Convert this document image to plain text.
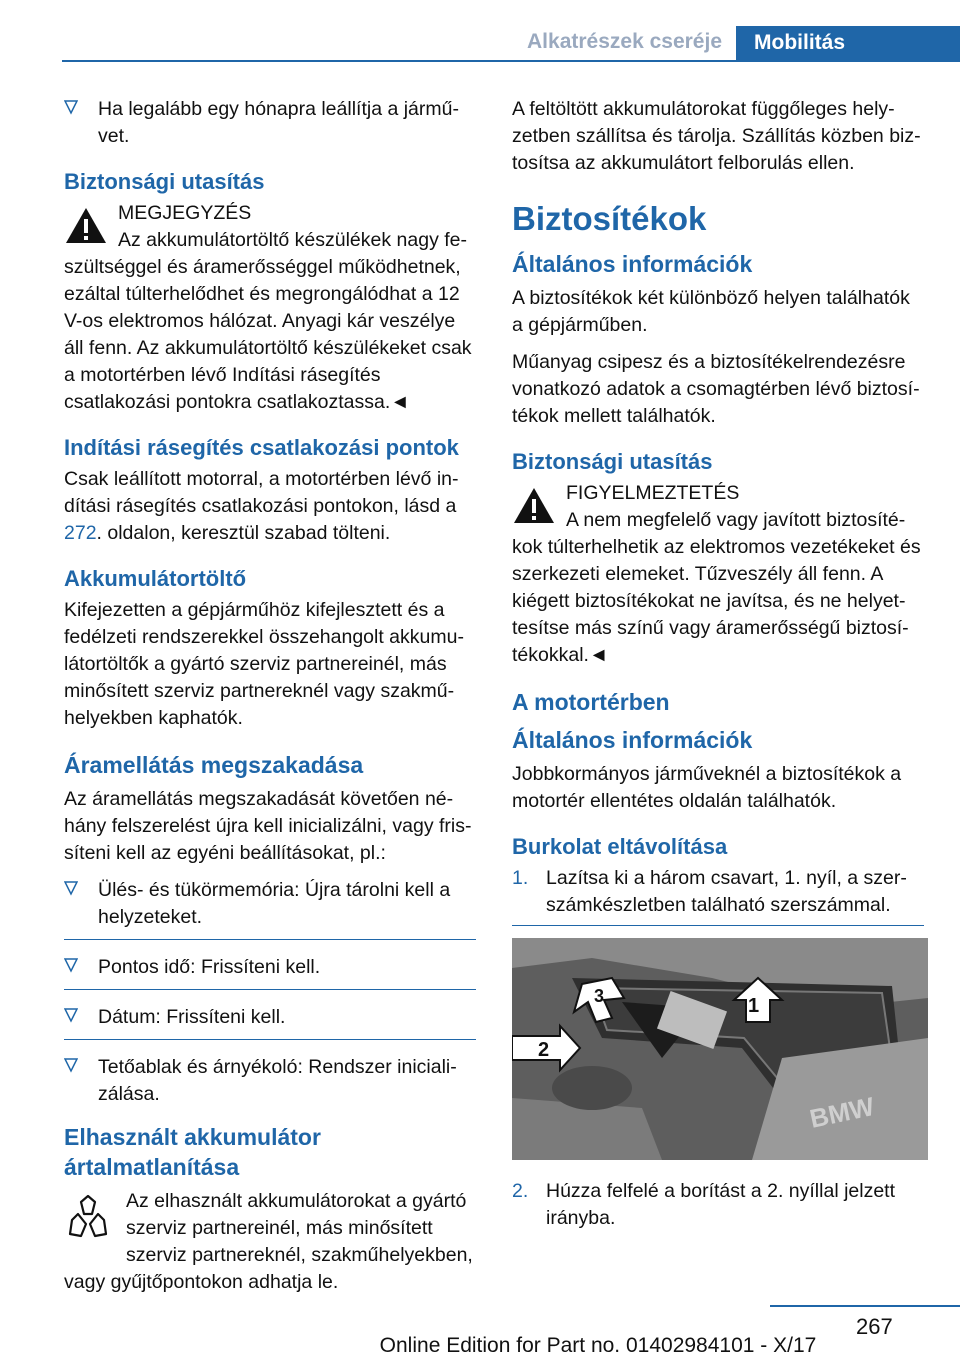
Alkatrészek cseréje	Mobilitás
Ha legalább egy hónapra leállítja a járművet.
Biztonsági utasítás
MEGJEGYZÉS
Az akkumulátortöltő készülékek nagy feszültséggel és áramerősséggel működhetnek, ezáltal túlterhelődhet és megrongálódhat a 12 V-os elektromos hálózat. Anyagi kár veszélye áll fenn. Az akkumulátortöltő készülékeket csak a motortérben lévő Indítási rásegítés csatlakozási pontokra csatlakoztassa.◄
Indítási rásegítés csatlakozási pontok

Csak leállított motorral, a motortérben lévő indítási rásegítés csatlakozási pontokon, lásd a 272. oldalon, keresztül szabad tölteni.

Akkumulátortöltő

Kifejezetten a gépjárműhöz kifejlesztett és a fedélzeti rendszerekkel összehangolt akkumulátortöltők a gyártó szerviz partnereinél, más minősített szerviz partnereknél vagy szakműhelyekben kaphatók.

Áramellátás megszakadása

Az áramellátás megszakadását követően néhány felszerelést újra kell inicializálni, vagy frissíteni kell az egyéni beállításokat, pl.:

Ülés- és tükörmemória: Újra tárolni kell a helyzeteket.
Pontos idő: Frissíteni kell.
Dátum: Frissíteni kell.
Tetőablak és árnyékoló: Rendszer inicializálása.
Elhasznált akkumulátor ártalmatlanítása
Az elhasznált akkumulátorokat a gyártó szerviz partnereinél, más minősített szerviz partnereknél, szakműhelyekben, vagy gyűjtőpontokon adhatja le.

A feltöltött akkumulátorokat függőleges helyzetben szállítsa és tárolja. Szállítás közben biztosítsa az akkumulátort felborulás ellen.

Biztosítékok
Általános információk

A biztosítékok két különböző helyen találhatók a gépjárműben.

Műanyag csipesz és a biztosítékelrendezésre vonatkozó adatok a csomagtérben lévő biztosítékok mellett találhatók.

Biztonsági utasítás
FIGYELMEZTETÉS
A nem megfelelő vagy javított biztosítékok túlterhelhetik az elektromos vezetékeket és szerkezeti elemeket. Tűzveszély áll fenn. A kiégett biztosítékokat ne javítsa, és ne helyettesítse más színű vagy áramerősségű biztosítékokkal.◄
A motortérben
Általános információk

Jobbkormányos járműveknél a biztosítékok a motortér ellentétes oldalán találhatók.

Burkolat eltávolítása
1. Lazítsa ki a három csavart, 1. nyíl, a szerszámkészletben található szerszámmal.
BMW
1
2
3
2. Húzza felfelé a borítást a 2. nyíllal jelzett irányba.
267
Online Edition for Part no. 01402984101 - X/17
